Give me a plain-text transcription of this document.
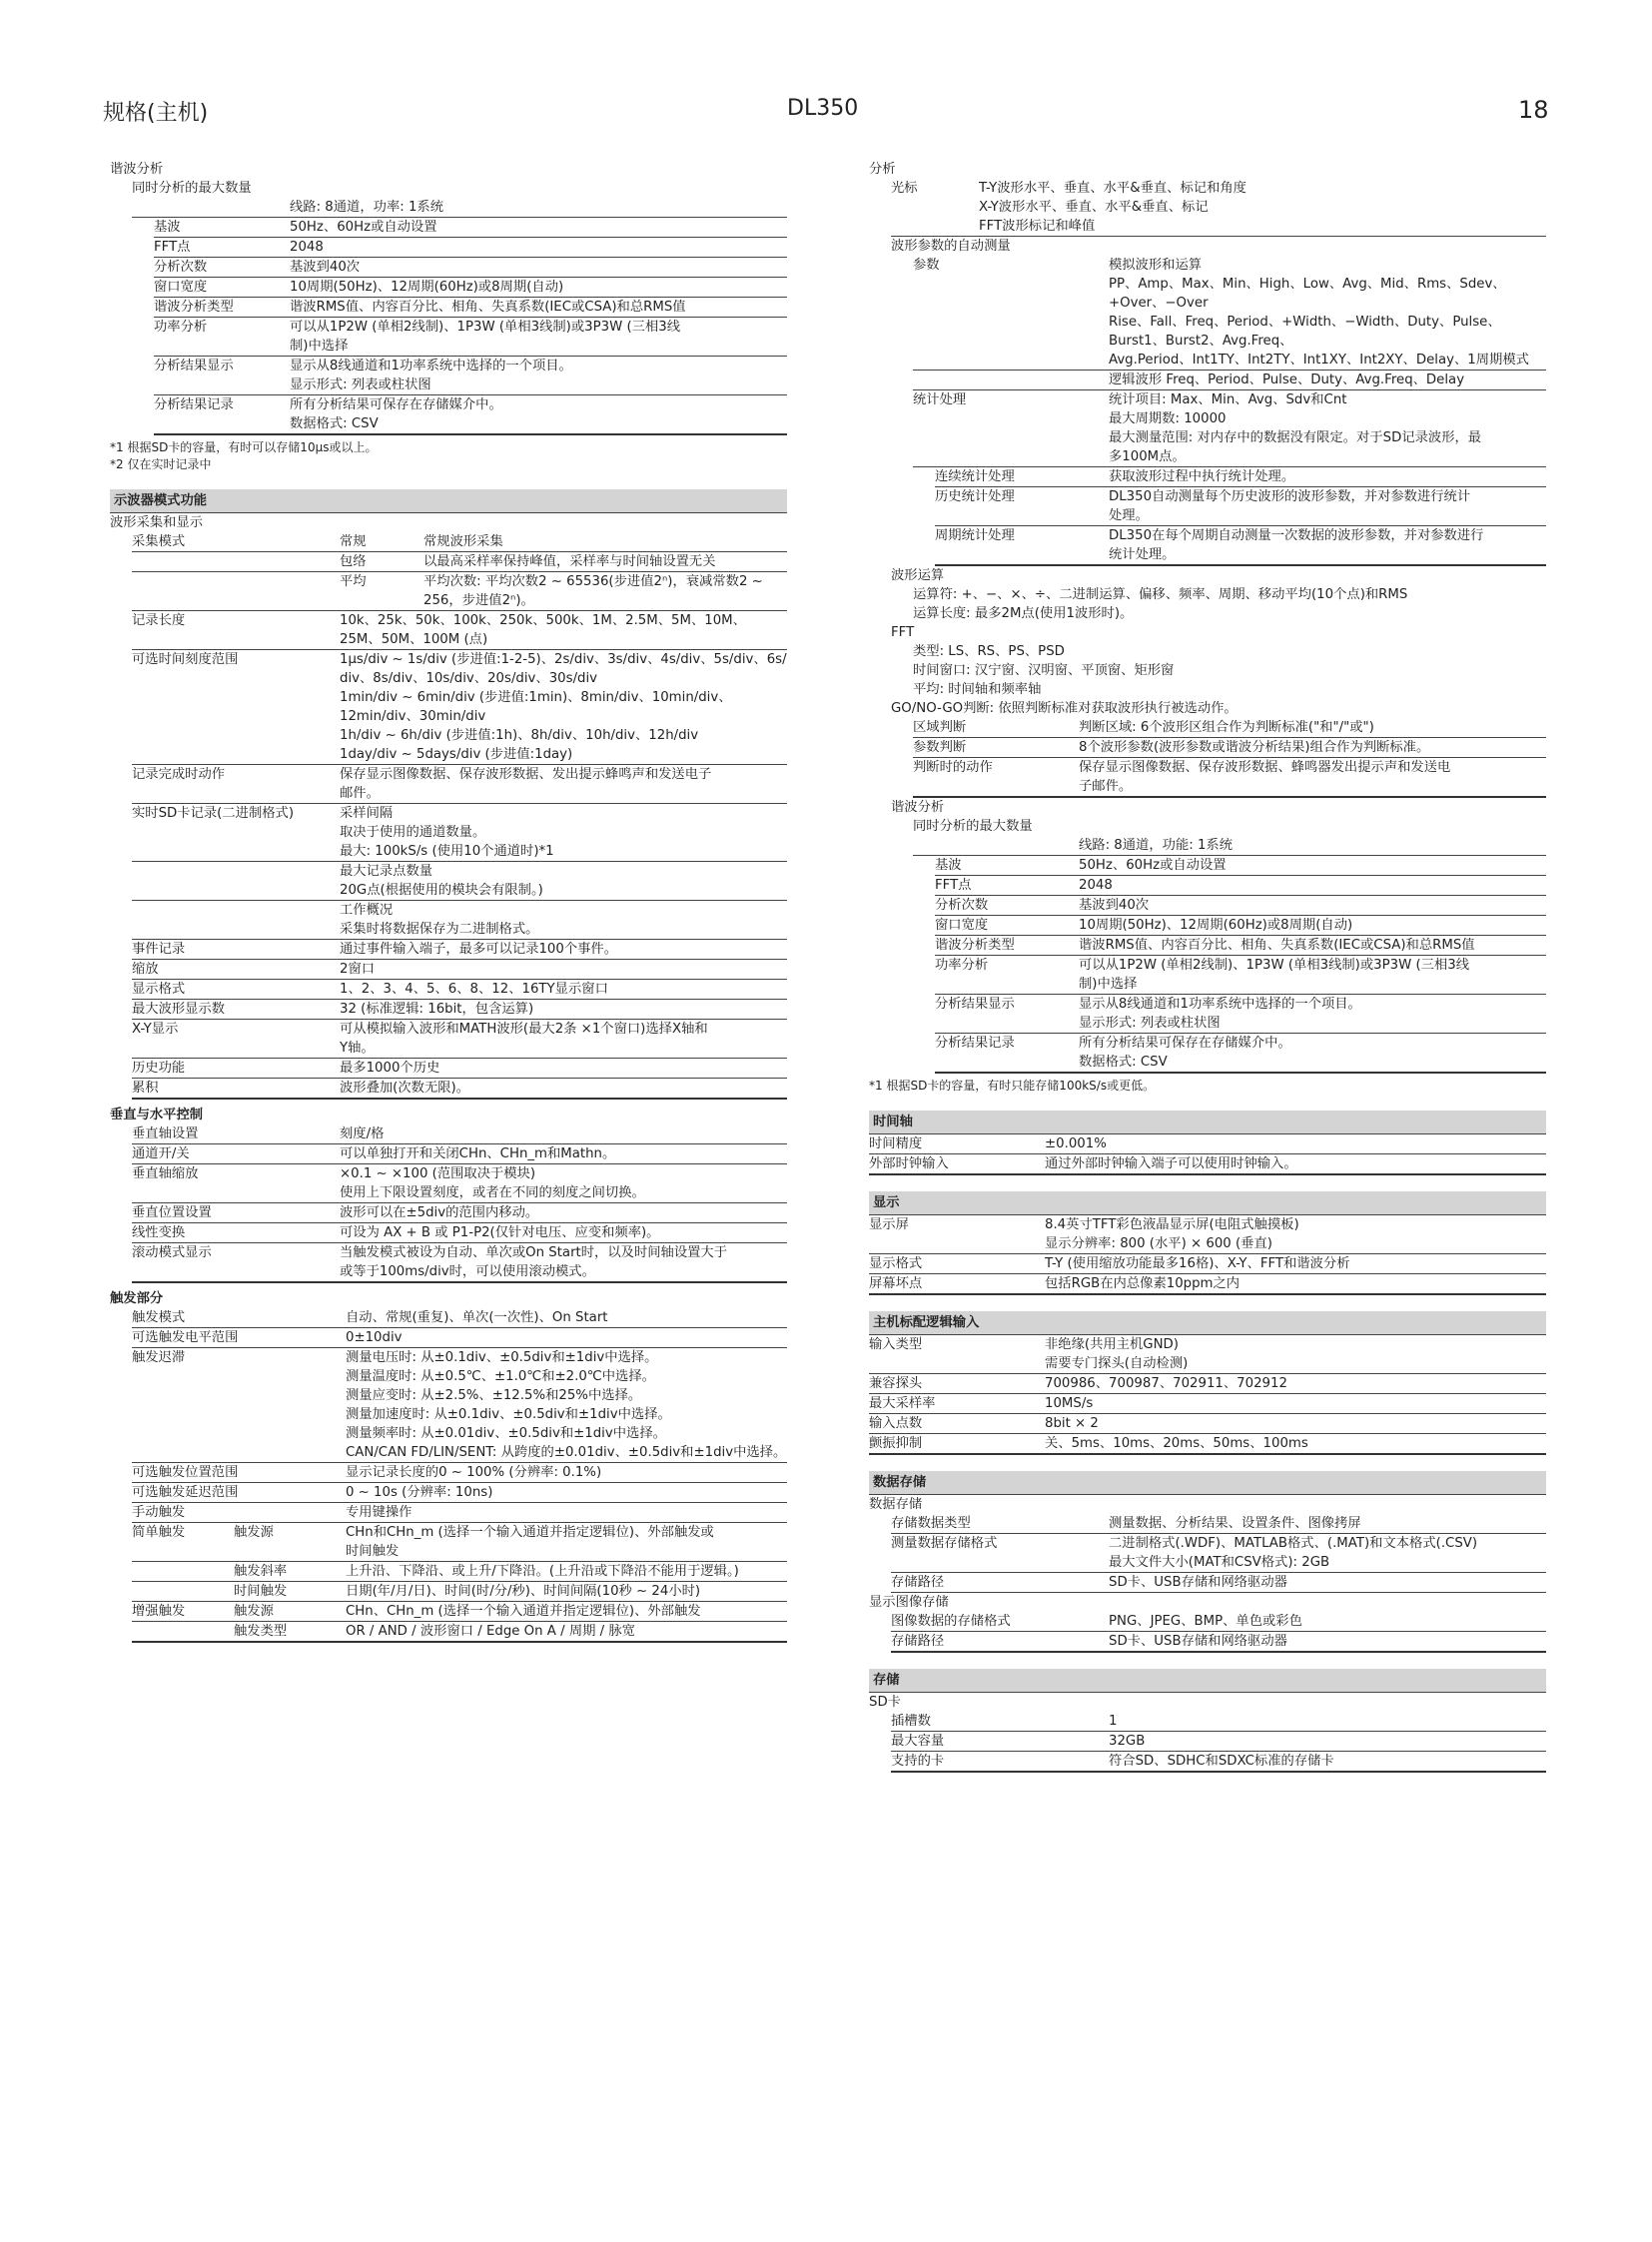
规格(主机)	DL350	18
谐波分析
同时分析的最大数量
线路: 8通道，功率: 1系统
基波	50Hz、60Hz或自动设置
FFT点	2048
分析次数	基波到40次
窗口宽度	10周期(50Hz)、12周期(60Hz)或8周期(自动)
谐波分析类型	谐波RMS值、内容百分比、相角、失真系数(IEC或CSA)和总RMS值
功率分析	可以从1P2W (单相2线制)、1P3W (单相3线制)或3P3W (三相3线
制)中选择
分析结果显示	显示从8线通道和1功率系统中选择的一个项目。
显示形式: 列表或柱状图
分析结果记录	所有分析结果可保存在存储媒介中。
数据格式: CSV
*1 根据SD卡的容量，有时可以存储10μs或以上。
*2 仅在实时记录中
示波器模式功能
波形采集和显示
采集模式	常规	常规波形采集
包络	以最高采样率保持峰值，采样率与时间轴设置无关
平均	平均次数: 平均次数2 ~ 65536(步进值2ⁿ)，衰减常数2 ~ 256，步进值2ⁿ)。
记录长度	10k、25k、50k、100k、250k、500k、1M、2.5M、5M、10M、
25M、50M、100M (点)
可选时间刻度范围	1μs/div ~ 1s/div (步进值:1-2-5)、2s/div、3s/div、4s/div、5s/div、6s/
div、8s/div、10s/div、20s/div、30s/div
1min/div ~ 6min/div (步进值:1min)、8min/div、10min/div、
12min/div、30min/div
1h/div ~ 6h/div (步进值:1h)、8h/div、10h/div、12h/div
1day/div ~ 5days/div (步进值:1day)
记录完成时动作	保存显示图像数据、保存波形数据、发出提示蜂鸣声和发送电子
邮件。
实时SD卡记录(二进制格式)	采样间隔
取决于使用的通道数量。
最大: 100kS/s (使用10个通道时)*1
最大记录点数量
20G点(根据使用的模块会有限制。)
工作概况
采集时将数据保存为二进制格式。
事件记录	通过事件输入端子，最多可以记录100个事件。
缩放	2窗口
显示格式	1、2、3、4、5、6、8、12、16TY显示窗口
最大波形显示数	32 (标准逻辑: 16bit，包含运算)
X-Y显示	可从模拟输入波形和MATH波形(最大2条 ×1个窗口)选择X轴和
Y轴。
历史功能	最多1000个历史
累积	波形叠加(次数无限)。
垂直与水平控制
垂直轴设置	刻度/格
通道开/关	可以单独打开和关闭CHn、CHn_m和Mathn。
垂直轴缩放	×0.1 ~ ×100 (范围取决于模块)
使用上下限设置刻度，或者在不同的刻度之间切换。
垂直位置设置	波形可以在±5div的范围内移动。
线性变换	可设为 AX + B 或 P1-P2(仅针对电压、应变和频率)。
滚动模式显示	当触发模式被设为自动、单次或On Start时，以及时间轴设置大于
或等于100ms/div时，可以使用滚动模式。
触发部分
触发模式	自动、常规(重复)、单次(一次性)、On Start
可选触发电平范围	0±10div
触发迟滞	测量电压时: 从±0.1div、±0.5div和±1div中选择。
测量温度时: 从±0.5℃、±1.0℃和±2.0℃中选择。
测量应变时: 从±2.5%、±12.5%和25%中选择。
测量加速度时: 从±0.1div、±0.5div和±1div中选择。
测量频率时: 从±0.01div、±0.5div和±1div中选择。
CAN/CAN FD/LIN/SENT: 从跨度的±0.01div、±0.5div和±1div中选择。
可选触发位置范围	显示记录长度的0 ~ 100% (分辨率: 0.1%)
可选触发延迟范围	0 ~ 10s (分辨率: 10ns)
手动触发	专用键操作
简单触发	触发源	CHn和CHn_m (选择一个输入通道并指定逻辑位)、外部触发或
时间触发
触发斜率	上升沿、下降沿、或上升/下降沿。(上升沿或下降沿不能用于逻辑。)
时间触发	日期(年/月/日)、时间(时/分/秒)、时间间隔(10秒 ~ 24小时)
增强触发	触发源	CHn、CHn_m (选择一个输入通道并指定逻辑位)、外部触发
触发类型	OR / AND / 波形窗口 / Edge On A / 周期 / 脉宽
分析
光标	T-Y波形水平、垂直、水平&垂直、标记和角度
X-Y波形水平、垂直、水平&垂直、标记
FFT波形标记和峰值
波形参数的自动测量
参数	模拟波形和运算
PP、Amp、Max、Min、High、Low、Avg、Mid、Rms、Sdev、
+Over、−Over
Rise、Fall、Freq、Period、+Width、−Width、Duty、Pulse、
Burst1、Burst2、Avg.Freq、
Avg.Period、Int1TY、Int2TY、Int1XY、Int2XY、Delay、1周期模式
逻辑波形 Freq、Period、Pulse、Duty、Avg.Freq、Delay
统计处理	统计项目: Max、Min、Avg、Sdv和Cnt
最大周期数: 10000
最大测量范围: 对内存中的数据没有限定。对于SD记录波形，最
多100M点。
连续统计处理	获取波形过程中执行统计处理。
历史统计处理	DL350自动测量每个历史波形的波形参数，并对参数进行统计
处理。
周期统计处理	DL350在每个周期自动测量一次数据的波形参数，并对参数进行
统计处理。
波形运算
运算符: +、−、×、÷、二进制运算、偏移、频率、周期、移动平均(10个点)和RMS
运算长度: 最多2M点(使用1波形时)。
FFT
类型: LS、RS、PS、PSD
时间窗口: 汉宁窗、汉明窗、平顶窗、矩形窗
平均: 时间轴和频率轴
GO/NO-GO判断: 依照判断标准对获取波形执行被选动作。
区域判断	判断区域: 6个波形区组合作为判断标准("和"/"或")
参数判断	8个波形参数(波形参数或谐波分析结果)组合作为判断标准。
判断时的动作	保存显示图像数据、保存波形数据、蜂鸣器发出提示声和发送电
子邮件。
谐波分析
同时分析的最大数量
线路: 8通道，功能: 1系统
基波	50Hz、60Hz或自动设置
FFT点	2048
分析次数	基波到40次
窗口宽度	10周期(50Hz)、12周期(60Hz)或8周期(自动)
谐波分析类型	谐波RMS值、内容百分比、相角、失真系数(IEC或CSA)和总RMS值
功率分析	可以从1P2W (单相2线制)、1P3W (单相3线制)或3P3W (三相3线
制)中选择
分析结果显示	显示从8线通道和1功率系统中选择的一个项目。
显示形式: 列表或柱状图
分析结果记录	所有分析结果可保存在存储媒介中。
数据格式: CSV
*1 根据SD卡的容量，有时只能存储100kS/s或更低。
时间轴
时间精度	±0.001%
外部时钟输入	通过外部时钟输入端子可以使用时钟输入。
显示
显示屏	8.4英寸TFT彩色液晶显示屏(电阻式触摸板)
显示分辨率: 800 (水平) × 600 (垂直)
显示格式	T-Y (使用缩放功能最多16格)、X-Y、FFT和谐波分析
屏幕坏点	包括RGB在内总像素10ppm之内
主机标配逻辑输入
输入类型	非绝缘(共用主机GND)
需要专门探头(自动检测)
兼容探头	700986、700987、702911、702912
最大采样率	10MS/s
输入点数	8bit × 2
颤振抑制	关、5ms、10ms、20ms、50ms、100ms
数据存储
数据存储
存储数据类型	测量数据、分析结果、设置条件、图像拷屏
测量数据存储格式	二进制格式(.WDF)、MATLAB格式、(.MAT)和文本格式(.CSV)
最大文件大小(MAT和CSV格式): 2GB
存储路径	SD卡、USB存储和网络驱动器
显示图像存储
图像数据的存储格式	PNG、JPEG、BMP、单色或彩色
存储路径	SD卡、USB存储和网络驱动器
存储
SD卡
插槽数	1
最大容量	32GB
支持的卡	符合SD、SDHC和SDXC标准的存储卡
